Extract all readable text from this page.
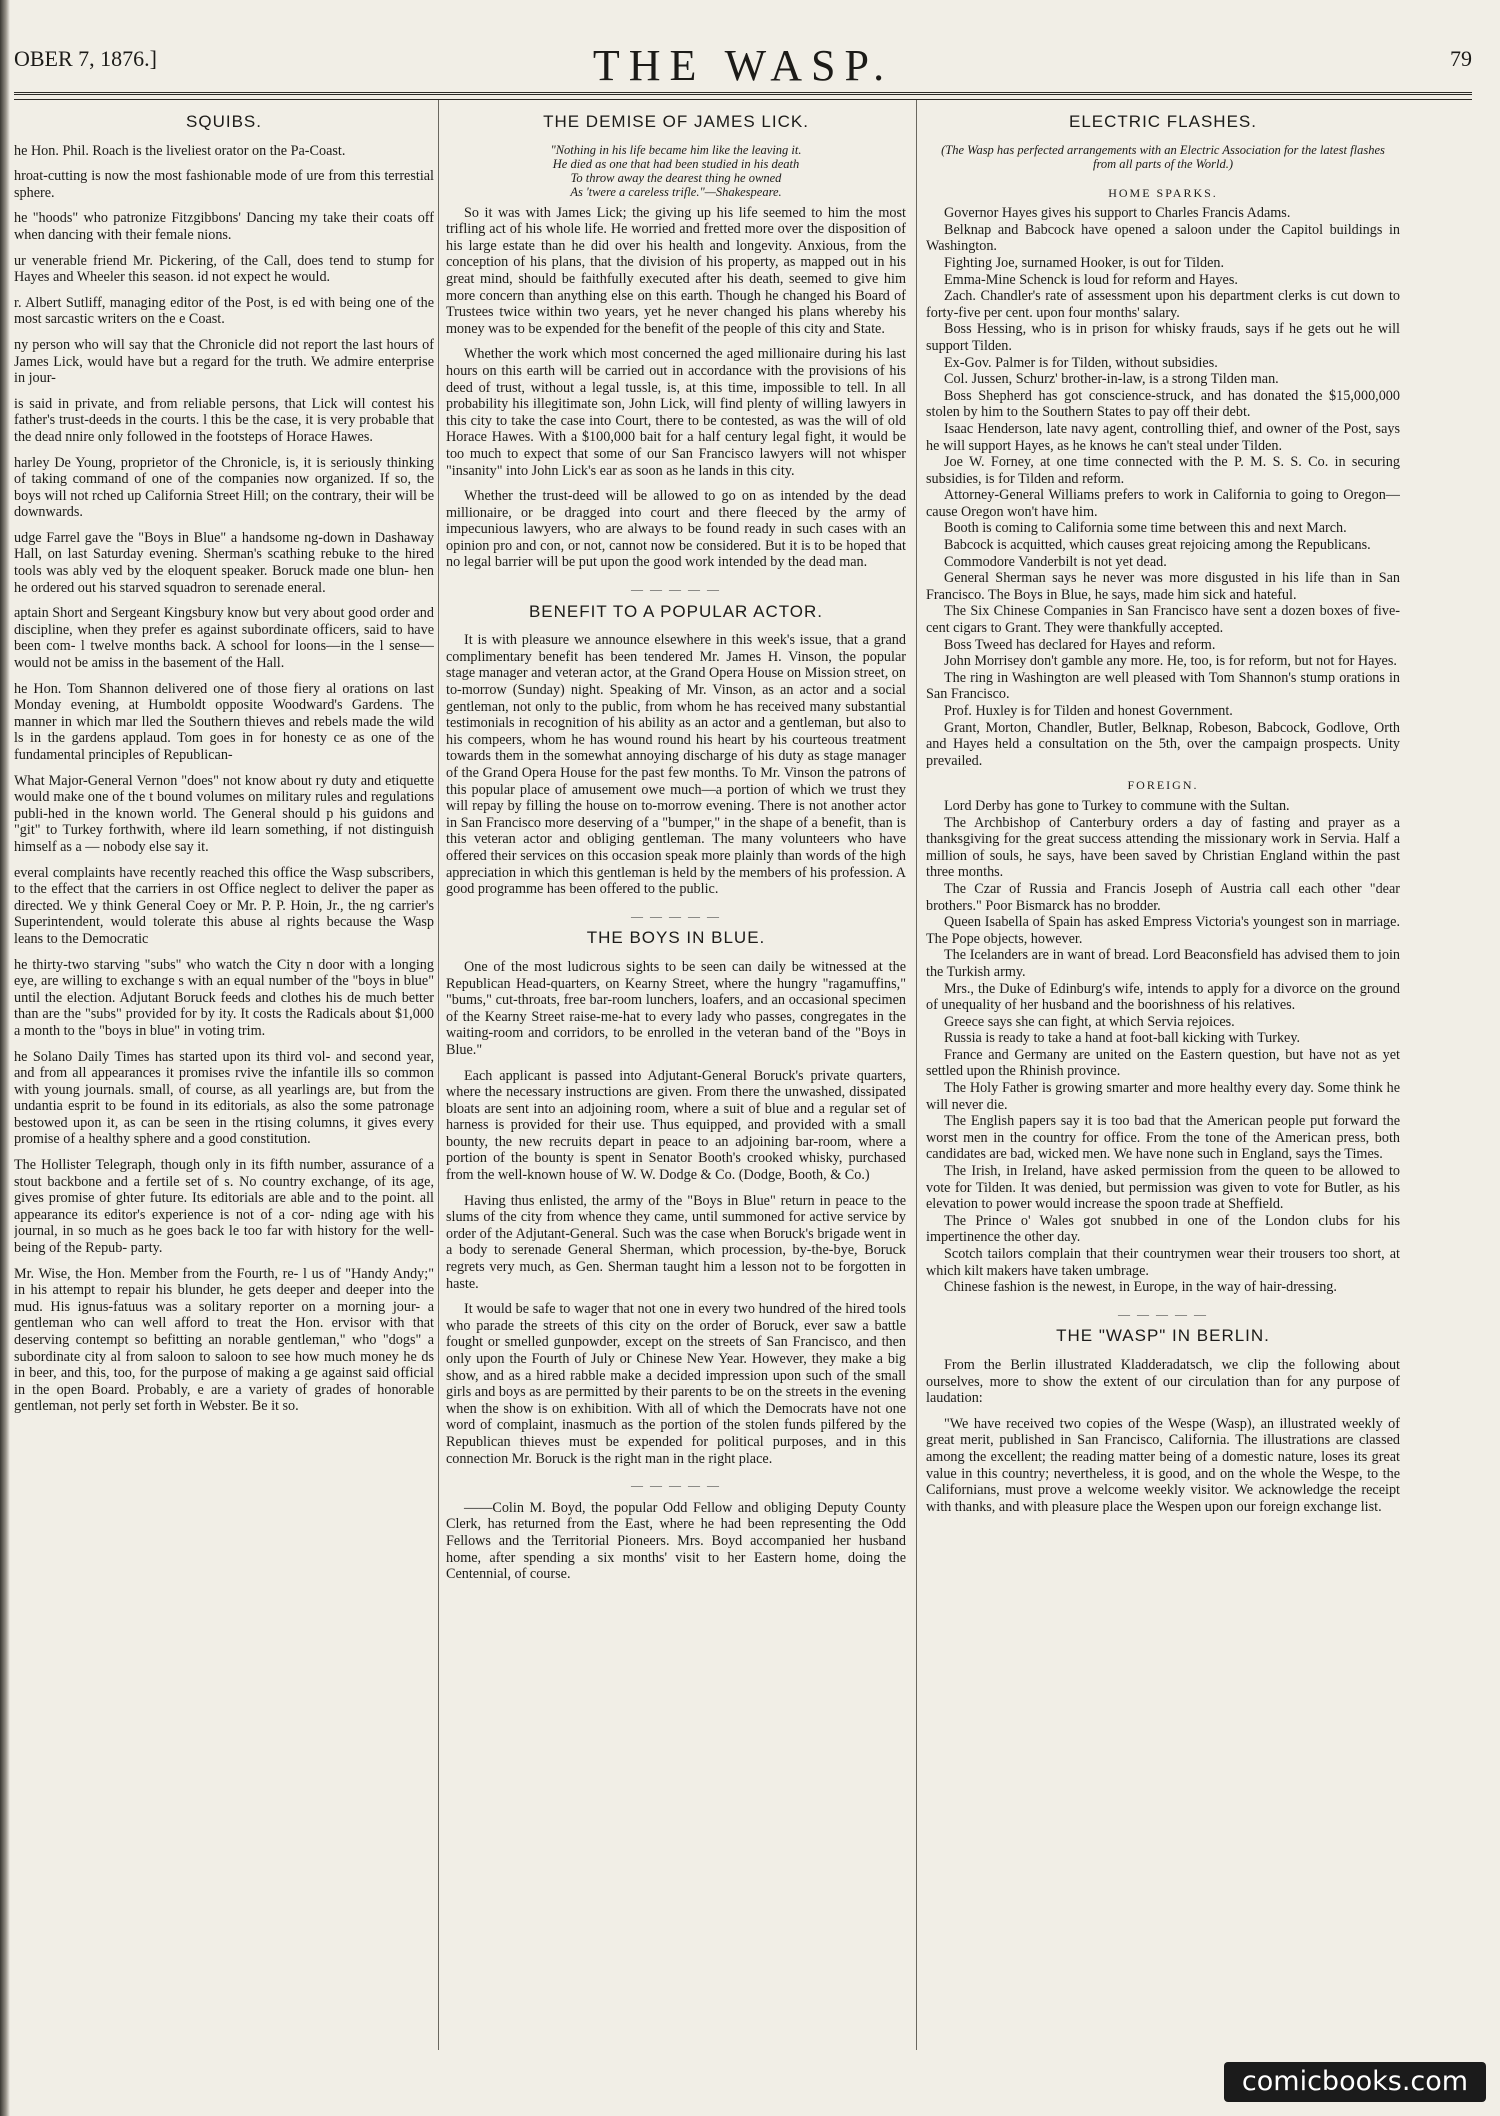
OBER 7, 1876.]	THE WASP.	79
SQUIBS.

he Hon. Phil. Roach is the liveliest orator on the Pa-Coast.

hroat-cutting is now the most fashionable mode of ure from this terrestial sphere.

he "hoods" who patronize Fitzgibbons' Dancing my take their coats off when dancing with their female nions.

ur venerable friend Mr. Pickering, of the Call, does tend to stump for Hayes and Wheeler this season. id not expect he would.

r. Albert Sutliff, managing editor of the Post, is ed with being one of the most sarcastic writers on the e Coast.

ny person who will say that the Chronicle did not report the last hours of James Lick, would have but a regard for the truth. We admire enterprise in jour-

is said in private, and from reliable persons, that Lick will contest his father's trust-deeds in the courts. l this be the case, it is very probable that the dead nnire only followed in the footsteps of Horace Hawes.

harley De Young, proprietor of the Chronicle, is, it is seriously thinking of taking command of one of the companies now organized. If so, the boys will not rched up California Street Hill; on the contrary, their will be downwards.

udge Farrel gave the "Boys in Blue" a handsome ng-down in Dashaway Hall, on last Saturday evening. Sherman's scathing rebuke to the hired tools was ably ved by the eloquent speaker. Boruck made one blun- hen he ordered out his starved squadron to serenade eneral.

aptain Short and Sergeant Kingsbury know but very about good order and discipline, when they prefer es against subordinate officers, said to have been com- l twelve months back. A school for loons—in the l sense—would not be amiss in the basement of the Hall.

he Hon. Tom Shannon delivered one of those fiery al orations on last Monday evening, at Humboldt opposite Woodward's Gardens. The manner in which mar lled the Southern thieves and rebels made the wild ls in the gardens applaud. Tom goes in for honesty ce as one of the fundamental principles of Republican-

What Major-General Vernon "does" not know about ry duty and etiquette would make one of the t bound volumes on military rules and regulations publi-hed in the known world. The General should p his guidons and "git" to Turkey forthwith, where ild learn something, if not distinguish himself as a — nobody else say it.

everal complaints have recently reached this office the Wasp subscribers, to the effect that the carriers in ost Office neglect to deliver the paper as directed. We y think General Coey or Mr. P. P. Hoin, Jr., the ng carrier's Superintendent, would tolerate this abuse al rights because the Wasp leans to the Democratic

he thirty-two starving "subs" who watch the City n door with a longing eye, are willing to exchange s with an equal number of the "boys in blue" until the election. Adjutant Boruck feeds and clothes his de much better than are the "subs" provided for by ity. It costs the Radicals about $1,000 a month to the "boys in blue" in voting trim.

he Solano Daily Times has started upon its third vol- and second year, and from all appearances it promises rvive the infantile ills so common with young journals. small, of course, as all yearlings are, but from the undantia esprit to be found in its editorials, as also the some patronage bestowed upon it, as can be seen in the rtising columns, it gives every promise of a healthy sphere and a good constitution.

The Hollister Telegraph, though only in its fifth number, assurance of a stout backbone and a fertile set of s. No country exchange, of its age, gives promise of ghter future. Its editorials are able and to the point. all appearance its editor's experience is not of a cor- nding age with his journal, in so much as he goes back le too far with history for the well-being of the Repub- party.

Mr. Wise, the Hon. Member from the Fourth, re- l us of "Handy Andy;" in his attempt to repair his blunder, he gets deeper and deeper into the mud. His ignus-fatuus was a solitary reporter on a morning jour- a gentleman who can well afford to treat the Hon. ervisor with that deserving contempt so befitting an norable gentleman," who "dogs" a subordinate city al from saloon to saloon to see how much money he ds in beer, and this, too, for the purpose of making a ge against said official in the open Board. Probably, e are a variety of grades of honorable gentleman, not perly set forth in Webster. Be it so.

THE DEMISE OF JAMES LICK.
"Nothing in his life became him like the leaving it.
He died as one that had been studied in his death
To throw away the dearest thing he owned
As 'twere a careless trifle."—Shakespeare.

So it was with James Lick; the giving up his life seemed to him the most trifling act of his whole life. He worried and fretted more over the disposition of his large estate than he did over his health and longevity. Anxious, from the conception of his plans, that the division of his property, as mapped out in his great mind, should be faithfully executed after his death, seemed to give him more concern than anything else on this earth. Though he changed his Board of Trustees twice within two years, yet he never changed his plans whereby his money was to be expended for the benefit of the people of this city and State.

Whether the work which most concerned the aged millionaire during his last hours on this earth will be carried out in accordance with the provisions of his deed of trust, without a legal tussle, is, at this time, impossible to tell. In all probability his illegitimate son, John Lick, will find plenty of willing lawyers in this city to take the case into Court, there to be contested, as was the will of old Horace Hawes. With a $100,000 bait for a half century legal fight, it would be too much to expect that some of our San Francisco lawyers will not whisper "insanity" into John Lick's ear as soon as he lands in this city.

Whether the trust-deed will be allowed to go on as intended by the dead millionaire, or be dragged into court and there fleeced by the army of impecunious lawyers, who are always to be found ready in such cases with an opinion pro and con, or not, cannot now be considered. But it is to be hoped that no legal barrier will be put upon the good work intended by the dead man.

— — —
BENEFIT TO A POPULAR ACTOR.

It is with pleasure we announce elsewhere in this week's issue, that a grand complimentary benefit has been tendered Mr. James H. Vinson, the popular stage manager and veteran actor, at the Grand Opera House on Mission street, on to-morrow (Sunday) night. Speaking of Mr. Vinson, as an actor and a social gentleman, not only to the public, from whom he has received many substantial testimonials in recognition of his ability as an actor and a gentleman, but also to his compeers, whom he has wound round his heart by his courteous treatment towards them in the somewhat annoying discharge of his duty as stage manager of the Grand Opera House for the past few months. To Mr. Vinson the patrons of this popular place of amusement owe much—a portion of which we trust they will repay by filling the house on to-morrow evening. There is not another actor in San Francisco more deserving of a "bumper," in the shape of a benefit, than is this veteran actor and obliging gentleman. The many volunteers who have offered their services on this occasion speak more plainly than words of the high appreciation in which this gentleman is held by the members of his profession. A good programme has been offered to the public.

— — —
THE BOYS IN BLUE.

One of the most ludicrous sights to be seen can daily be witnessed at the Republican Head-quarters, on Kearny Street, where the hungry "ragamuffins," "bums," cut-throats, free bar-room lunchers, loafers, and an occasional specimen of the Kearny Street raise-me-hat to every lady who passes, congregates in the waiting-room and corridors, to be enrolled in the veteran band of the "Boys in Blue."

Each applicant is passed into Adjutant-General Boruck's private quarters, where the necessary instructions are given. From there the unwashed, dissipated bloats are sent into an adjoining room, where a suit of blue and a regular set of harness is provided for their use. Thus equipped, and provided with a small bounty, the new recruits depart in peace to an adjoining bar-room, where a portion of the bounty is spent in Senator Booth's crooked whisky, purchased from the well-known house of W. W. Dodge & Co. (Dodge, Booth, & Co.)

Having thus enlisted, the army of the "Boys in Blue" return in peace to the slums of the city from whence they came, until summoned for active service by order of the Adjutant-General. Such was the case when Boruck's brigade went in a body to serenade General Sherman, which procession, by-the-bye, Boruck regrets very much, as Gen. Sherman taught him a lesson not to be forgotten in haste.

It would be safe to wager that not one in every two hundred of the hired tools who parade the streets of this city on the order of Boruck, ever saw a battle fought or smelled gunpowder, except on the streets of San Francisco, and then only upon the Fourth of July or Chinese New Year. However, they make a big show, and as a hired rabble make a decided impression upon such of the small girls and boys as are permitted by their parents to be on the streets in the evening when the show is on exhibition. With all of which the Democrats have not one word of complaint, inasmuch as the portion of the stolen funds pilfered by the Republican thieves must be expended for political purposes, and in this connection Mr. Boruck is the right man in the right place.

— — —

——Colin M. Boyd, the popular Odd Fellow and obliging Deputy County Clerk, has returned from the East, where he had been representing the Odd Fellows and the Territorial Pioneers. Mrs. Boyd accompanied her husband home, after spending a six months' visit to her Eastern home, doing the Centennial, of course.

ELECTRIC FLASHES.
(The Wasp has perfected arrangements with an Electric Association for the latest flashes from all parts of the World.)
HOME SPARKS.

Governor Hayes gives his support to Charles Francis Adams.

Belknap and Babcock have opened a saloon under the Capitol buildings in Washington.

Fighting Joe, surnamed Hooker, is out for Tilden.

Emma-Mine Schenck is loud for reform and Hayes.

Zach. Chandler's rate of assessment upon his department clerks is cut down to forty-five per cent. upon four months' salary.

Boss Hessing, who is in prison for whisky frauds, says if he gets out he will support Tilden.

Ex-Gov. Palmer is for Tilden, without subsidies.

Col. Jussen, Schurz' brother-in-law, is a strong Tilden man.

Boss Shepherd has got conscience-struck, and has donated the $15,000,000 stolen by him to the Southern States to pay off their debt.

Isaac Henderson, late navy agent, controlling thief, and owner of the Post, says he will support Hayes, as he knows he can't steal under Tilden.

Joe W. Forney, at one time connected with the P. M. S. S. Co. in securing subsidies, is for Tilden and reform.

Attorney-General Williams prefers to work in California to going to Oregon—cause Oregon won't have him.

Booth is coming to California some time between this and next March.

Babcock is acquitted, which causes great rejoicing among the Republicans.

Commodore Vanderbilt is not yet dead.

General Sherman says he never was more disgusted in his life than in San Francisco. The Boys in Blue, he says, made him sick and hateful.

The Six Chinese Companies in San Francisco have sent a dozen boxes of five-cent cigars to Grant. They were thankfully accepted.

Boss Tweed has declared for Hayes and reform.

John Morrisey don't gamble any more. He, too, is for reform, but not for Hayes.

The ring in Washington are well pleased with Tom Shannon's stump orations in San Francisco.

Prof. Huxley is for Tilden and honest Government.

Grant, Morton, Chandler, Butler, Belknap, Robeson, Babcock, Godlove, Orth and Hayes held a consultation on the 5th, over the campaign prospects. Unity prevailed.

FOREIGN.

Lord Derby has gone to Turkey to commune with the Sultan.

The Archbishop of Canterbury orders a day of fasting and prayer as a thanksgiving for the great success attending the missionary work in Servia. Half a million of souls, he says, have been saved by Christian England within the past three months.

The Czar of Russia and Francis Joseph of Austria call each other "dear brothers." Poor Bismarck has no brodder.

Queen Isabella of Spain has asked Empress Victoria's youngest son in marriage. The Pope objects, however.

The Icelanders are in want of bread. Lord Beaconsfield has advised them to join the Turkish army.

Mrs., the Duke of Edinburg's wife, intends to apply for a divorce on the ground of unequality of her husband and the boorishness of his relatives.

Greece says she can fight, at which Servia rejoices.

Russia is ready to take a hand at foot-ball kicking with Turkey.

France and Germany are united on the Eastern question, but have not as yet settled upon the Rhinish province.

The Holy Father is growing smarter and more healthy every day. Some think he will never die.

The English papers say it is too bad that the American people put forward the worst men in the country for office. From the tone of the American press, both candidates are bad, wicked men. We have none such in England, says the Times.

The Irish, in Ireland, have asked permission from the queen to be allowed to vote for Tilden. It was denied, but permission was given to vote for Butler, as his elevation to power would increase the spoon trade at Sheffield.

The Prince o' Wales got snubbed in one of the London clubs for his impertinence the other day.

Scotch tailors complain that their countrymen wear their trousers too short, at which kilt makers have taken umbrage.

Chinese fashion is the newest, in Europe, in the way of hair-dressing.

— — —
THE "WASP" IN BERLIN.

From the Berlin illustrated Kladderadatsch, we clip the following about ourselves, more to show the extent of our circulation than for any purpose of laudation:

"We have received two copies of the Wespe (Wasp), an illustrated weekly of great merit, published in San Francisco, California. The illustrations are classed among the excellent; the reading matter being of a domestic nature, loses its great value in this country; nevertheless, it is good, and on the whole the Wespe, to the Californians, must prove a welcome weekly visitor. We acknowledge the receipt with thanks, and with pleasure place the Wespen upon our foreign exchange list.

comicbooks.com
